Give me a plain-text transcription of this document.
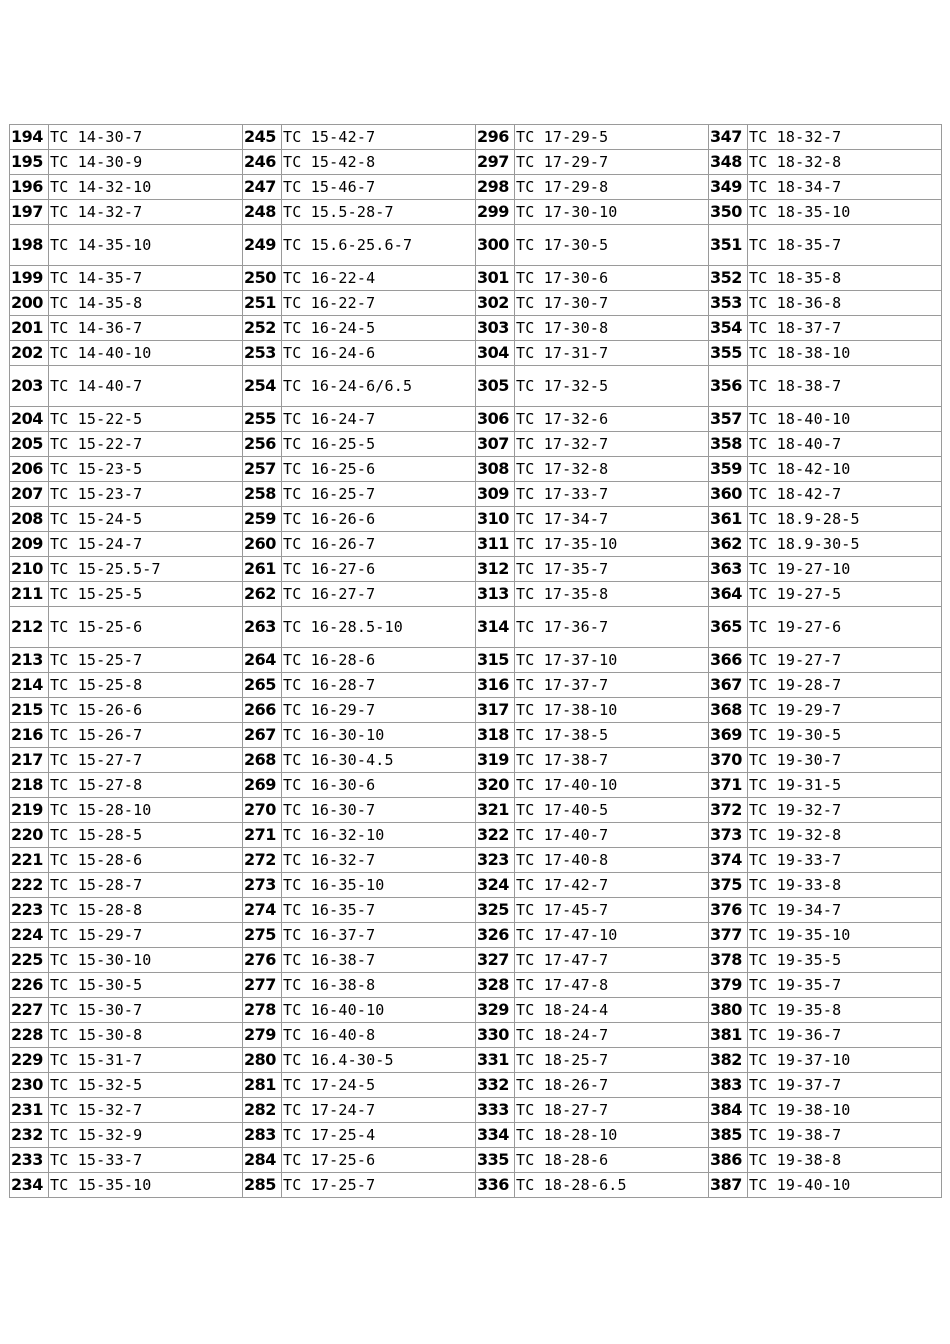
194	TC 14-30-7	245	TC 15-42-7	296	TC 17-29-5	347	TC 18-32-7
195	TC 14-30-9	246	TC 15-42-8	297	TC 17-29-7	348	TC 18-32-8
196	TC 14-32-10	247	TC 15-46-7	298	TC 17-29-8	349	TC 18-34-7
197	TC 14-32-7	248	TC 15.5-28-7	299	TC 17-30-10	350	TC 18-35-10
198	TC 14-35-10	249	TC 15.6-25.6-7	300	TC 17-30-5	351	TC 18-35-7
199	TC 14-35-7	250	TC 16-22-4	301	TC 17-30-6	352	TC 18-35-8
200	TC 14-35-8	251	TC 16-22-7	302	TC 17-30-7	353	TC 18-36-8
201	TC 14-36-7	252	TC 16-24-5	303	TC 17-30-8	354	TC 18-37-7
202	TC 14-40-10	253	TC 16-24-6	304	TC 17-31-7	355	TC 18-38-10
203	TC 14-40-7	254	TC 16-24-6/6.5	305	TC 17-32-5	356	TC 18-38-7
204	TC 15-22-5	255	TC 16-24-7	306	TC 17-32-6	357	TC 18-40-10
205	TC 15-22-7	256	TC 16-25-5	307	TC 17-32-7	358	TC 18-40-7
206	TC 15-23-5	257	TC 16-25-6	308	TC 17-32-8	359	TC 18-42-10
207	TC 15-23-7	258	TC 16-25-7	309	TC 17-33-7	360	TC 18-42-7
208	TC 15-24-5	259	TC 16-26-6	310	TC 17-34-7	361	TC 18.9-28-5
209	TC 15-24-7	260	TC 16-26-7	311	TC 17-35-10	362	TC 18.9-30-5
210	TC 15-25.5-7	261	TC 16-27-6	312	TC 17-35-7	363	TC 19-27-10
211	TC 15-25-5	262	TC 16-27-7	313	TC 17-35-8	364	TC 19-27-5
212	TC 15-25-6	263	TC 16-28.5-10	314	TC 17-36-7	365	TC 19-27-6
213	TC 15-25-7	264	TC 16-28-6	315	TC 17-37-10	366	TC 19-27-7
214	TC 15-25-8	265	TC 16-28-7	316	TC 17-37-7	367	TC 19-28-7
215	TC 15-26-6	266	TC 16-29-7	317	TC 17-38-10	368	TC 19-29-7
216	TC 15-26-7	267	TC 16-30-10	318	TC 17-38-5	369	TC 19-30-5
217	TC 15-27-7	268	TC 16-30-4.5	319	TC 17-38-7	370	TC 19-30-7
218	TC 15-27-8	269	TC 16-30-6	320	TC 17-40-10	371	TC 19-31-5
219	TC 15-28-10	270	TC 16-30-7	321	TC 17-40-5	372	TC 19-32-7
220	TC 15-28-5	271	TC 16-32-10	322	TC 17-40-7	373	TC 19-32-8
221	TC 15-28-6	272	TC 16-32-7	323	TC 17-40-8	374	TC 19-33-7
222	TC 15-28-7	273	TC 16-35-10	324	TC 17-42-7	375	TC 19-33-8
223	TC 15-28-8	274	TC 16-35-7	325	TC 17-45-7	376	TC 19-34-7
224	TC 15-29-7	275	TC 16-37-7	326	TC 17-47-10	377	TC 19-35-10
225	TC 15-30-10	276	TC 16-38-7	327	TC 17-47-7	378	TC 19-35-5
226	TC 15-30-5	277	TC 16-38-8	328	TC 17-47-8	379	TC 19-35-7
227	TC 15-30-7	278	TC 16-40-10	329	TC 18-24-4	380	TC 19-35-8
228	TC 15-30-8	279	TC 16-40-8	330	TC 18-24-7	381	TC 19-36-7
229	TC 15-31-7	280	TC 16.4-30-5	331	TC 18-25-7	382	TC 19-37-10
230	TC 15-32-5	281	TC 17-24-5	332	TC 18-26-7	383	TC 19-37-7
231	TC 15-32-7	282	TC 17-24-7	333	TC 18-27-7	384	TC 19-38-10
232	TC 15-32-9	283	TC 17-25-4	334	TC 18-28-10	385	TC 19-38-7
233	TC 15-33-7	284	TC 17-25-6	335	TC 18-28-6	386	TC 19-38-8
234	TC 15-35-10	285	TC 17-25-7	336	TC 18-28-6.5	387	TC 19-40-10
